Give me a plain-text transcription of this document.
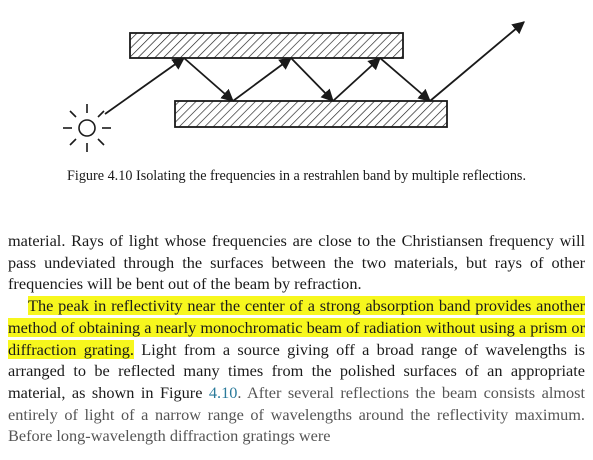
Figure 4.10 Isolating the frequencies in a restrahlen band by multiple reflections.

material. Rays of light whose frequencies are close to the Christiansen frequency will pass undeviated through the surfaces between the two materials, but rays of other frequencies will be bent out of the beam by refraction.

The peak in reflectivity near the center of a strong absorption band provides another method of obtaining a nearly monochromatic beam of radiation without using a prism or diffraction grating. Light from a source giving off a broad range of wavelengths is arranged to be reflected many times from the polished surfaces of an appropriate material, as shown in Figure 4.10. After several reflections the beam consists almost entirely of light of a narrow range of wavelengths around the reflectivity maximum. Before long-wavelength diffraction gratings were
